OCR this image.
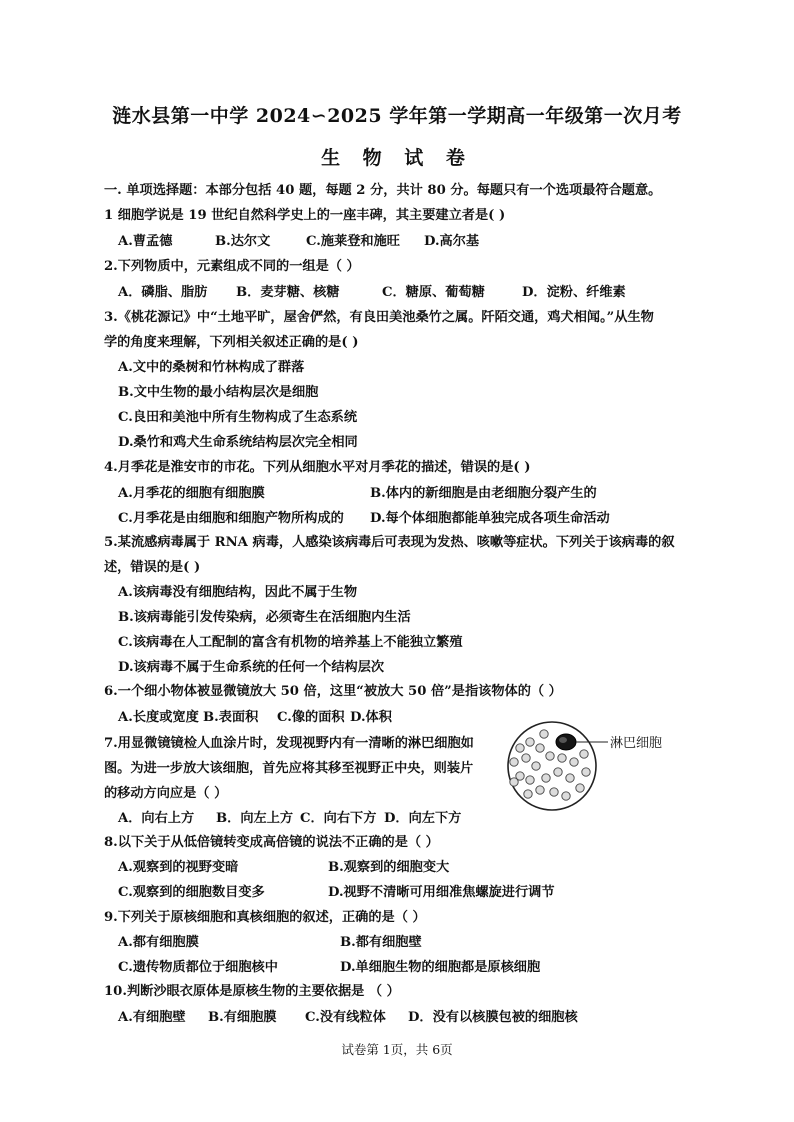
涟水县第一中学 2024∽2025 学年第一学期高一年级第一次月考
生 物 试 卷
一. 单项选择题：本部分包括 40 题，每题 2 分，共计 80 分。每题只有一个选项最符合题意。
1 细胞学说是 19 世纪自然科学史上的一座丰碑，其主要建立者是( )
A.曹孟德	B.达尔文	C.施莱登和施旺 D.高尔基
2.下列物质中，元素组成不同的一组是（ ）
A．磷脂、脂肪 B．麦芽糖、核糖	C．糖原、葡萄糖	D．淀粉、纤维素
3.《桃花源记》中“土地平旷，屋舍俨然，有良田美池桑竹之属。阡陌交通，鸡犬相闻。”从生物
学的角度来理解，下列相关叙述正确的是( )
A.文中的桑树和竹林构成了群落
B.文中生物的最小结构层次是细胞
C.良田和美池中所有生物构成了生态系统
D.桑竹和鸡犬生命系统结构层次完全相同
4.月季花是淮安市的市花。下列从细胞水平对月季花的描述，错误的是( )
A.月季花的细胞有细胞膜	B.体内的新细胞是由老细胞分裂产生的
C.月季花是由细胞和细胞产物所构成的 D.每个体细胞都能单独完成各项生命活动
5.某流感病毒属于 RNA 病毒，人感染该病毒后可表现为发热、咳嗽等症状。下列关于该病毒的叙
述，错误的是( )
A.该病毒没有细胞结构，因此不属于生物
B.该病毒能引发传染病，必须寄生在活细胞内生活
C.该病毒在人工配制的富含有机物的培养基上不能独立繁殖
D.该病毒不属于生命系统的任何一个结构层次
6.一个细小物体被显微镜放大 50 倍，这里“被放大 50 倍”是指该物体的（ ）
A.长度或宽度 B.表面积 C.像的面积 D.体积
7.用显微镜镜检人血涂片时，发现视野内有一清晰的淋巴细胞如
图。为进一步放大该细胞，首先应将其移至视野正中央，则装片
的移动方向应是（ ）
A．向右上方 B．向左上方 C．向右下方 D．向左下方
淋巴细胞
8.以下关于从低倍镜转变成高倍镜的说法不正确的是（ ）
A.观察到的视野变暗	B.观察到的细胞变大
C.观察到的细胞数目变多	D.视野不清晰可用细准焦螺旋进行调节
9.下列关于原核细胞和真核细胞的叙述，正确的是（ ）
A.都有细胞膜	B.都有细胞壁
C.遗传物质都位于细胞核中	D.单细胞生物的细胞都是原核细胞
10.判断沙眼衣原体是原核生物的主要依据是 （ ）
A.有细胞壁 B.有细胞膜 C.没有线粒体 D．没有以核膜包被的细胞核
试卷第 1页，共 6页
